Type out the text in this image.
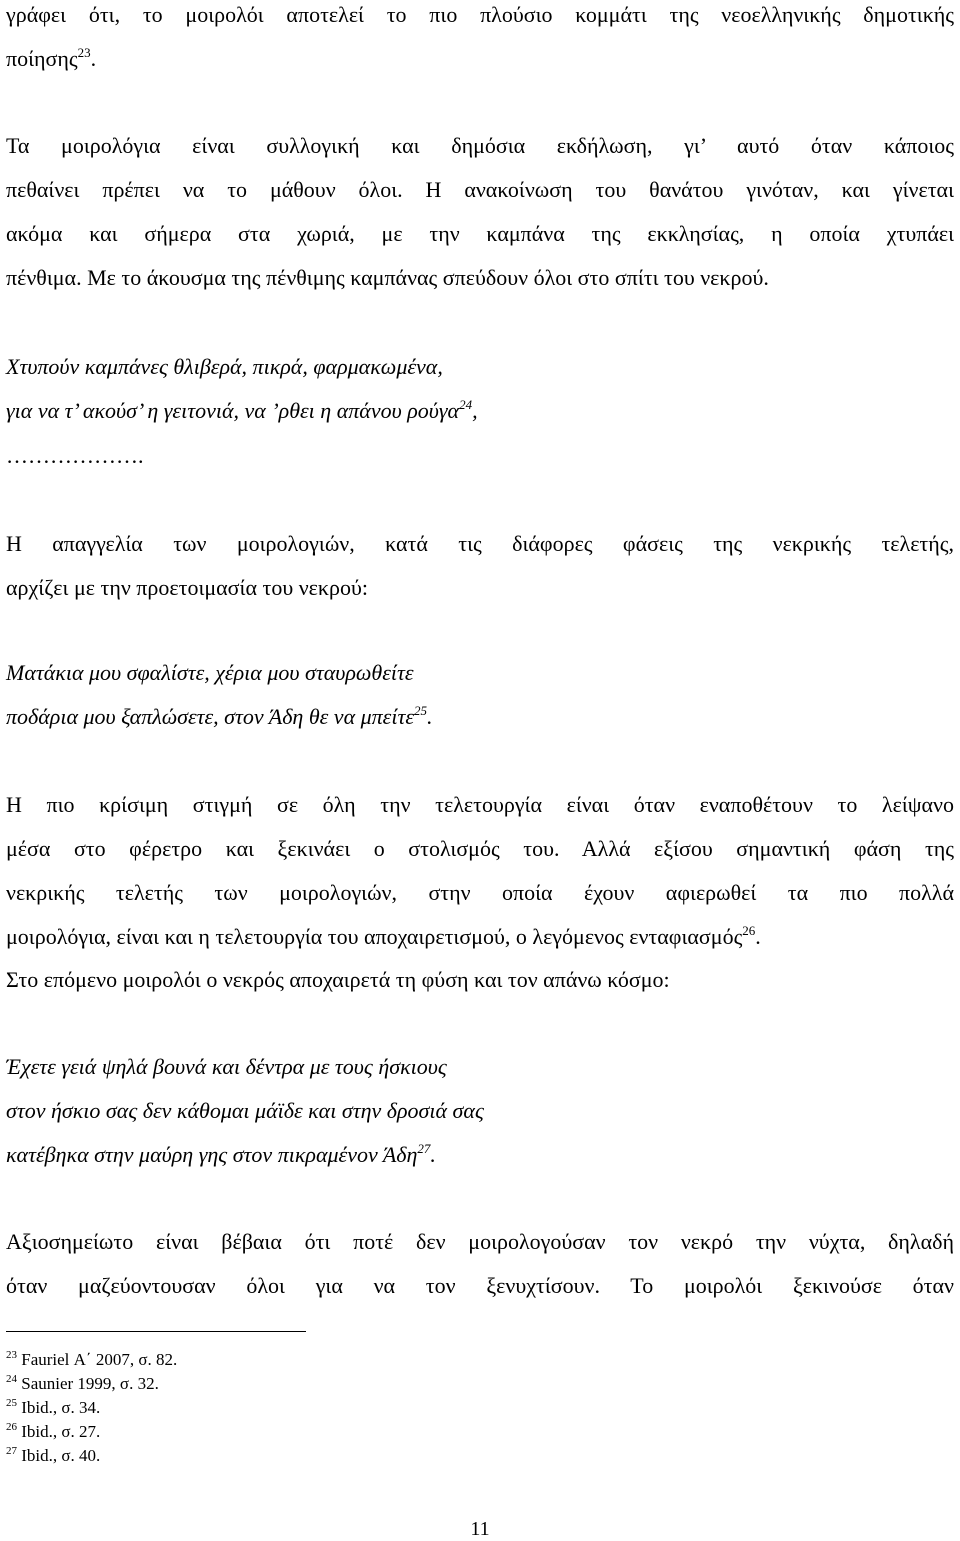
γράφει ότι, το μοιρολόι αποτελεί το πιο πλούσιο κομμάτι της νεοελληνικής δημοτικής
ποίησης$^{23}$.
Τα μοιρολόγια είναι συλλογική και δημόσια εκδήλωση, γι’ αυτό όταν κάποιος
πεθαίνει πρέπει να το μάθουν όλοι. Η ανακοίνωση του θανάτου γινόταν, και γίνεται
ακόμα και σήμερα στα χωριά, με την καμπάνα της εκκλησίας, η οποία χτυπάει
πένθιμα. Με το άκουσμα της πένθιμης καμπάνας σπεύδουν όλοι στο σπίτι του νεκρού.
Χτυπούν καμπάνες θλιβερά, πικρά, φαρμακωμένα,
για να τ’ ακούσ’ η γειτονιά, να ’ρθει η απάνου ρούγα$^{24}$,
……………….
Η απαγγελία των μοιρολογιών, κατά τις διάφορες φάσεις της νεκρικής τελετής,
αρχίζει με την προετοιμασία του νεκρού:
Ματάκια μου σφαλίστε, χέρια μου σταυρωθείτε
ποδάρια μου ξαπλώσετε, στον Άδη θε να μπείτε$^{25}$.
Η πιο κρίσιμη στιγμή σε όλη την τελετουργία είναι όταν εναποθέτουν το λείψανο
μέσα στο φέρετρο και ξεκινάει ο στολισμός του. Αλλά εξίσου σημαντική φάση της
νεκρικής τελετής των μοιρολογιών, στην οποία έχουν αφιερωθεί τα πιο πολλά
μοιρολόγια, είναι και η τελετουργία του αποχαιρετισμού, ο λεγόμενος ενταφιασμός$^{26}$.
Στο επόμενο μοιρολόι ο νεκρός αποχαιρετά τη φύση και τον απάνω κόσμο:
Έχετε γειά ψηλά βουνά και δέντρα με τους ήσκιους
στον ήσκιο σας δεν κάθομαι μάϊδε και στην δροσιά σας
κατέβηκα στην μαύρη γης στον πικραμένον Άδη$^{27}$.
Αξιοσημείωτο είναι βέβαια ότι ποτέ δεν μοιρολογούσαν τον νεκρό την νύχτα, δηλαδή
όταν μαζεύοντουσαν όλοι για να τον ξενυχτίσουν. Το μοιρολόι ξεκινούσε όταν
$^{23}$ Fauriel Α΄ 2007, σ. 82.
$^{24}$ Saunier 1999, σ. 32.
$^{25}$ Ibid., σ. 34.
$^{26}$ Ibid., σ. 27.
$^{27}$ Ibid., σ. 40.
11
